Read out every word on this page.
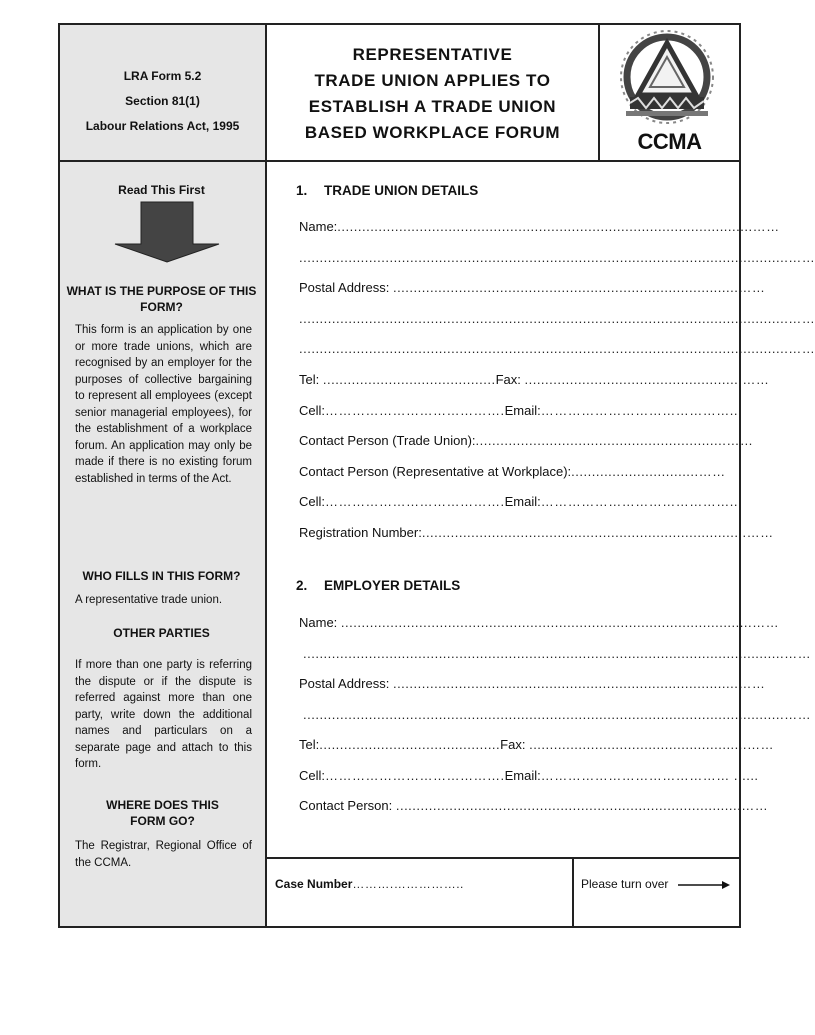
LRA Form 5.2
Section 81(1)
Labour Relations Act, 1995
REPRESENTATIVE
TRADE UNION APPLIES TO
ESTABLISH A TRADE UNION
BASED WORKPLACE FORUM	CCMA
Read This First
WHAT IS THE PURPOSE OF THIS FORM?
This form is an application by one or more trade unions, which are recognised by an employer for the purposes of collective bargaining to represent all employees (except senior managerial employees), for the establishment of a workplace forum. An application may only be made if there is no existing forum established in terms of the Act.
WHO FILLS IN THIS FORM?
A representative trade union.
OTHER PARTIES
If more than one party is referring the dispute or if the dispute is referred against more than one party, write down the additional names and particulars on a separate page and attach to this form.
WHERE DOES THIS FORM GO?
The Registrar, Regional Office of the CCMA.
1. TRADE UNION DETAILS
Name:.....................................................................................................……
.......................................................................................................................……
Postal Address: ....................................................................................……
.......................................................................................................................……
.......................................................................................................................……
Tel: ..........................................Fax: .....................................................……
Cell:………………………………….Email:……………………………………..
Contact Person (Trade Union):.............................................................……
Contact Person (Representative at Workplace):...............................……
Cell:………………………………….Email:……………………………………..
Registration Number:...............................................................................……
2. EMPLOYER DETAILS
Name: ....................................................................................................……
.....................................................................................................................……
Postal Address: ....................................................................................……
.....................................................................................................................……
Tel:............................................Fax: .....................................................……
Cell:………………………………….Email:…………………………………… ......
Contact Person: ....................................................................................……
Case Number……….……………..	Please turn over
